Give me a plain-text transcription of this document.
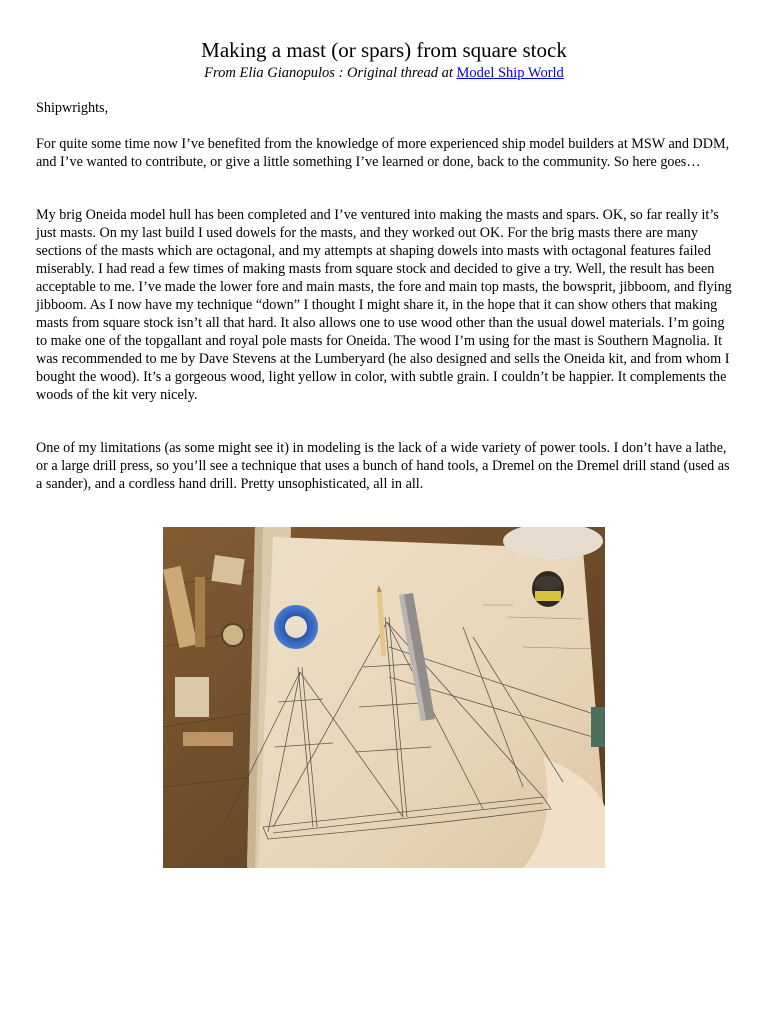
Making a mast (or spars) from square stock
From Elia Gianopulos : Original thread at Model Ship World

Shipwrights,

For quite some time now I’ve benefited from the knowledge of more experienced ship model builders at MSW and DDM, and I’ve wanted to contribute, or give a little something I’ve learned or done, back to the community. So here goes…

My brig Oneida model hull has been completed and I’ve ventured into making the masts and spars. OK, so far really it’s just masts. On my last build I used dowels for the masts, and they worked out OK. For the brig masts there are many sections of the masts which are octagonal, and my attempts at shaping dowels into masts with octagonal features failed miserably. I had read a few times of making masts from square stock and decided to give a try. Well, the result has been acceptable to me. I’ve made the lower fore and main masts, the fore and main top masts, the bowsprit, jibboom, and flying jibboom. As I now have my technique “down” I thought I might share it, in the hope that it can show others that making masts from square stock isn’t all that hard. It also allows one to use wood other than the usual dowel materials. I’m going to make one of the topgallant and royal pole masts for Oneida. The wood I’m using for the mast is Southern Magnolia. It was recommended to me by Dave Stevens at the Lumberyard (he also designed and sells the Oneida kit, and from whom I bought the wood). It’s a gorgeous wood, light yellow in color, with subtle grain. I couldn’t be happier. It complements the woods of the kit very nicely.

One of my limitations (as some might see it) in modeling is the lack of a wide variety of power tools. I don’t have a lathe, or a large drill press, so you’ll see a technique that uses a bunch of hand tools, a Dremel on the Dremel drill stand (used as a sander), and a cordless hand drill. Pretty unsophisticated, all in all.
